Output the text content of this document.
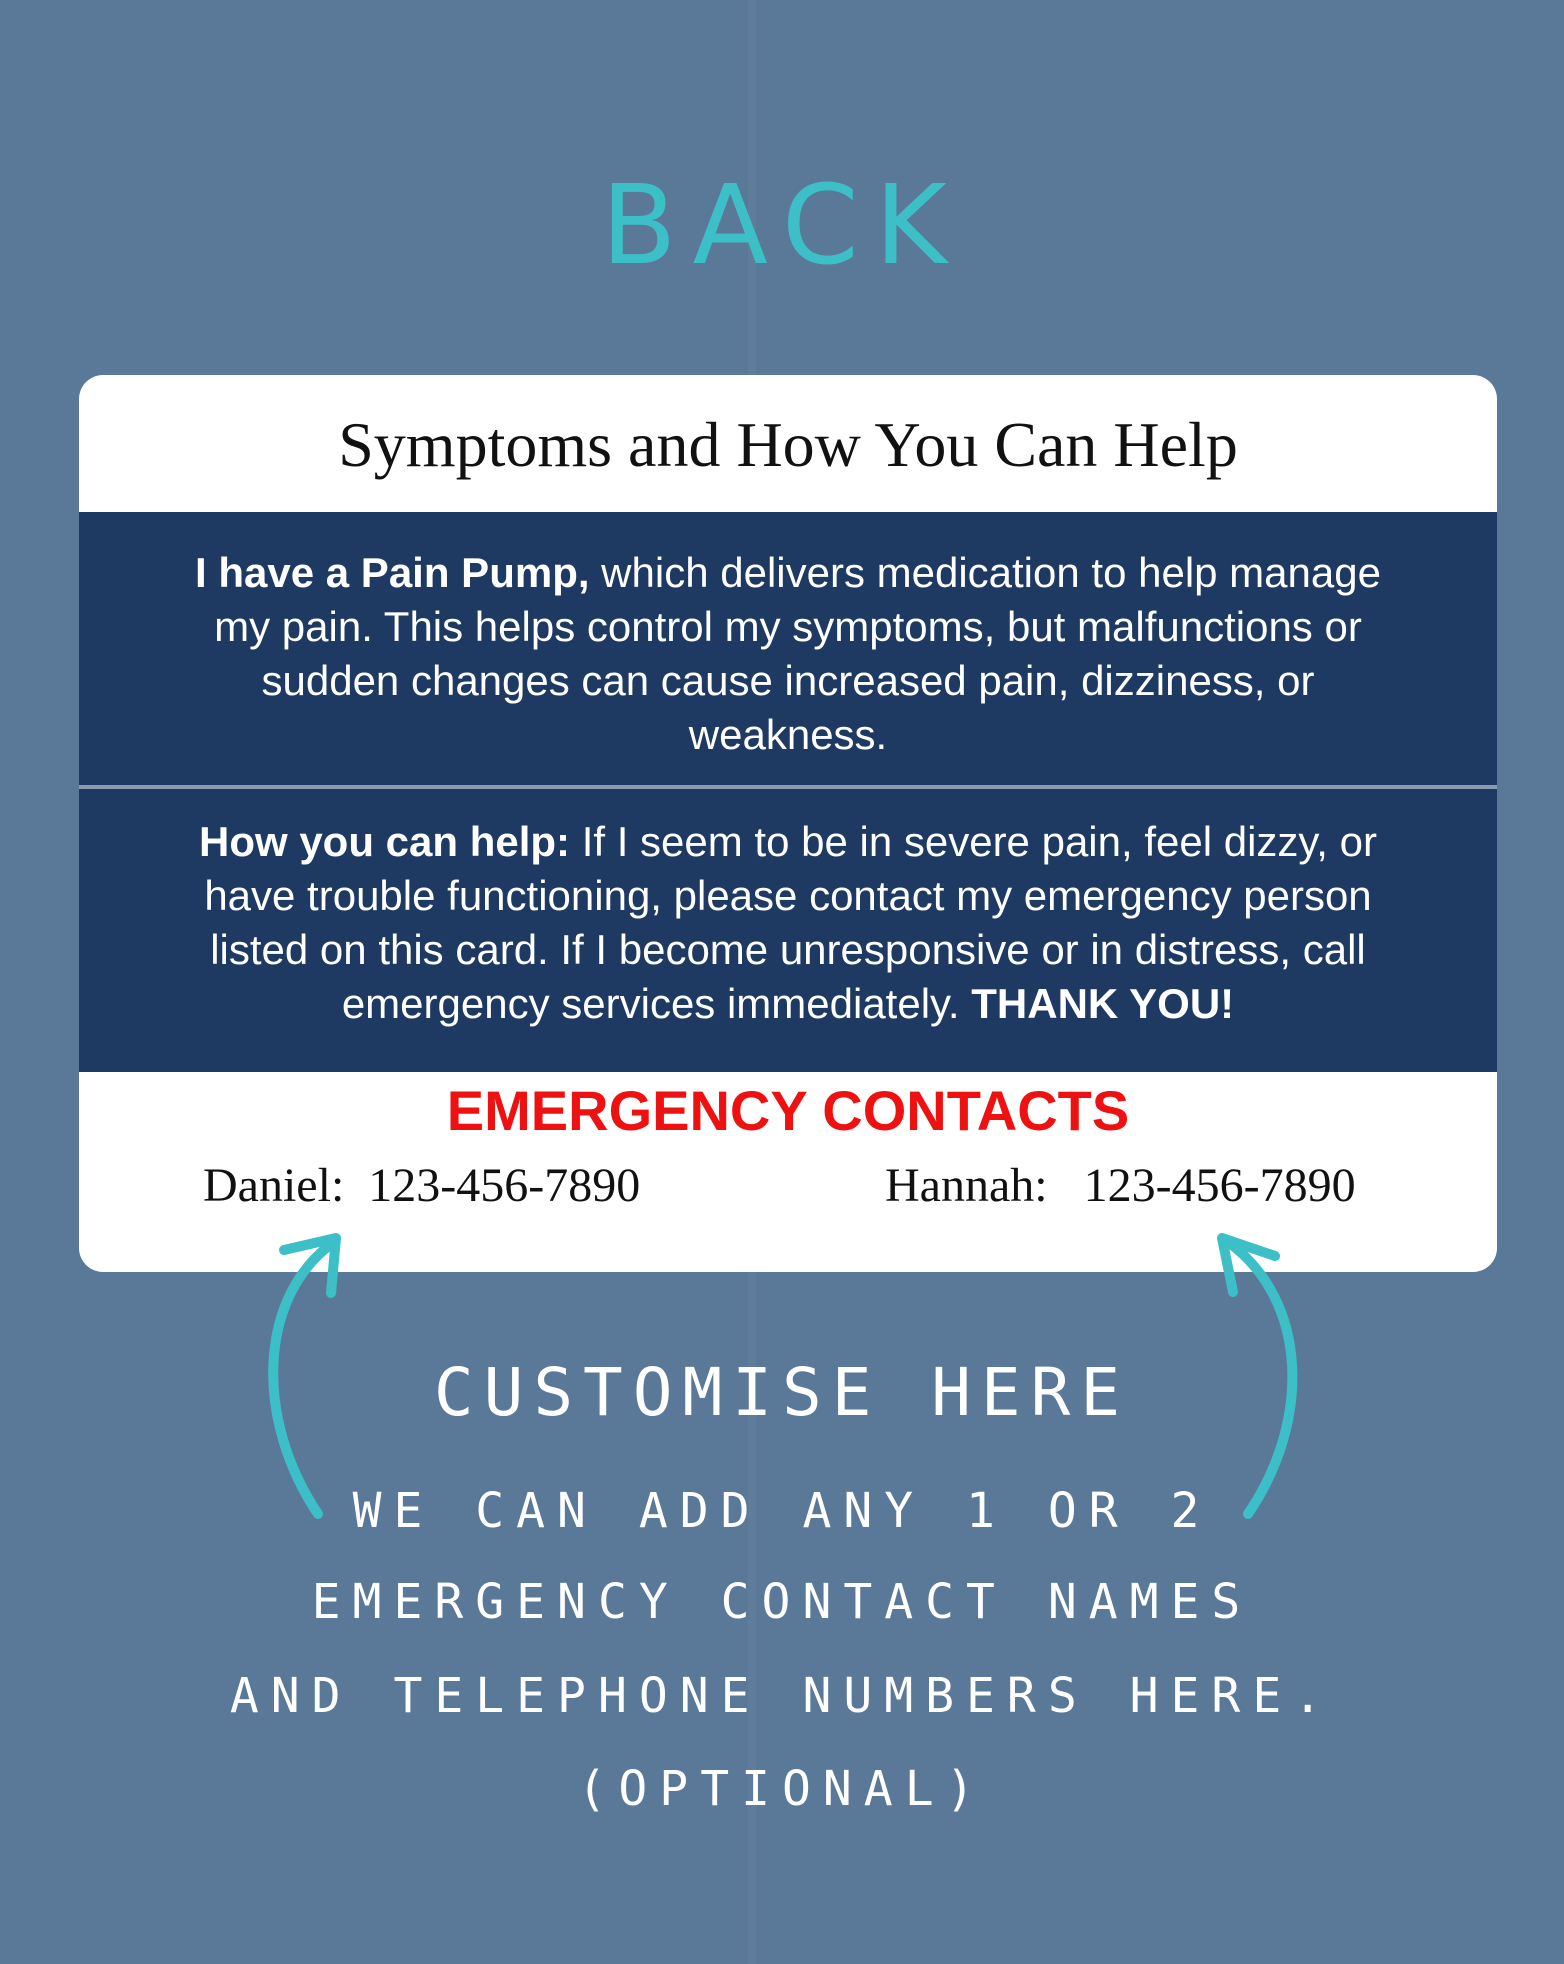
BACK
Symptoms and How You Can Help
I have a Pain Pump, which delivers medication to help manage my pain. This helps control my symptoms, but malfunctions or sudden changes can cause increased pain, dizziness, or weakness.
How you can help: If I seem to be in severe pain, feel dizzy, or have trouble functioning, please contact my emergency person listed on this card. If I become unresponsive or in distress, call emergency services immediately. THANK YOU!
EMERGENCY CONTACTS
Daniel: 123-456-7890	Hannah: 123-456-7890
CUSTOMISE HERE
WE CAN ADD ANY 1 OR 2
EMERGENCY CONTACT NAMES
AND TELEPHONE NUMBERS HERE.
(OPTIONAL)
